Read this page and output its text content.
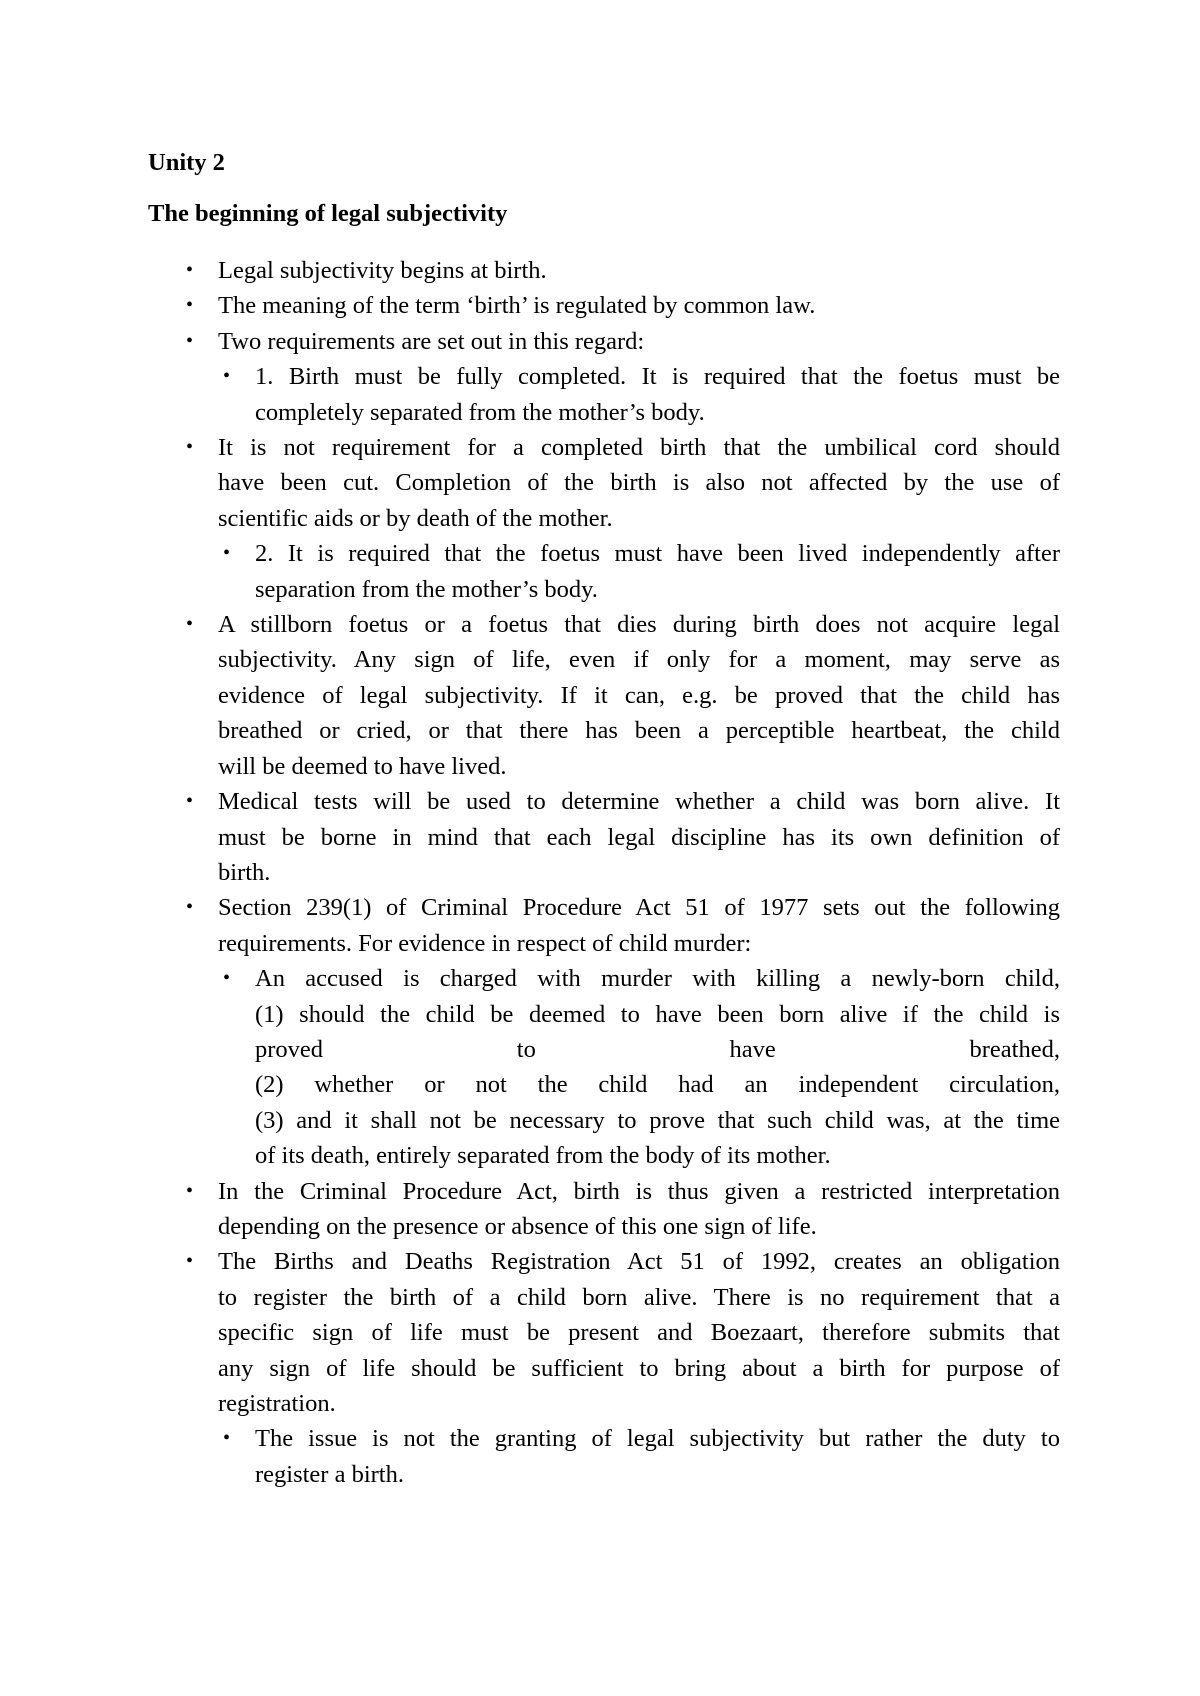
Unity 2
The beginning of legal subjectivity
•
Legal subjectivity begins at birth.
•
The meaning of the term ‘birth’ is regulated by common law.
•
Two requirements are set out in this regard:
•
1. Birth must be fully completed. It is required that the foetus must be
completely separated from the mother’s body.
•
It is not requirement for a completed birth that the umbilical cord should
have been cut. Completion of the birth is also not affected by the use of
scientific aids or by death of the mother.
•
2. It is required that the foetus must have been lived independently after
separation from the mother’s body.
•
A stillborn foetus or a foetus that dies during birth does not acquire legal
subjectivity. Any sign of life, even if only for a moment, may serve as
evidence of legal subjectivity. If it can, e.g. be proved that the child has
breathed or cried, or that there has been a perceptible heartbeat, the child
will be deemed to have lived.
•
Medical tests will be used to determine whether a child was born alive. It
must be borne in mind that each legal discipline has its own definition of
birth.
•
Section 239(1) of Criminal Procedure Act 51 of 1977 sets out the following
requirements. For evidence in respect of child murder:
•
An accused is charged with murder with killing a newly-born child,
(1) should the child be deemed to have been born alive if the child is
proved to have breathed,
(2) whether or not the child had an independent circulation,
(3) and it shall not be necessary to prove that such child was, at the time
of its death, entirely separated from the body of its mother.
•
In the Criminal Procedure Act, birth is thus given a restricted interpretation
depending on the presence or absence of this one sign of life.
•
The Births and Deaths Registration Act 51 of 1992, creates an obligation
to register the birth of a child born alive. There is no requirement that a
specific sign of life must be present and Boezaart, therefore submits that
any sign of life should be sufficient to bring about a birth for purpose of
registration.
•
The issue is not the granting of legal subjectivity but rather the duty to
register a birth.
